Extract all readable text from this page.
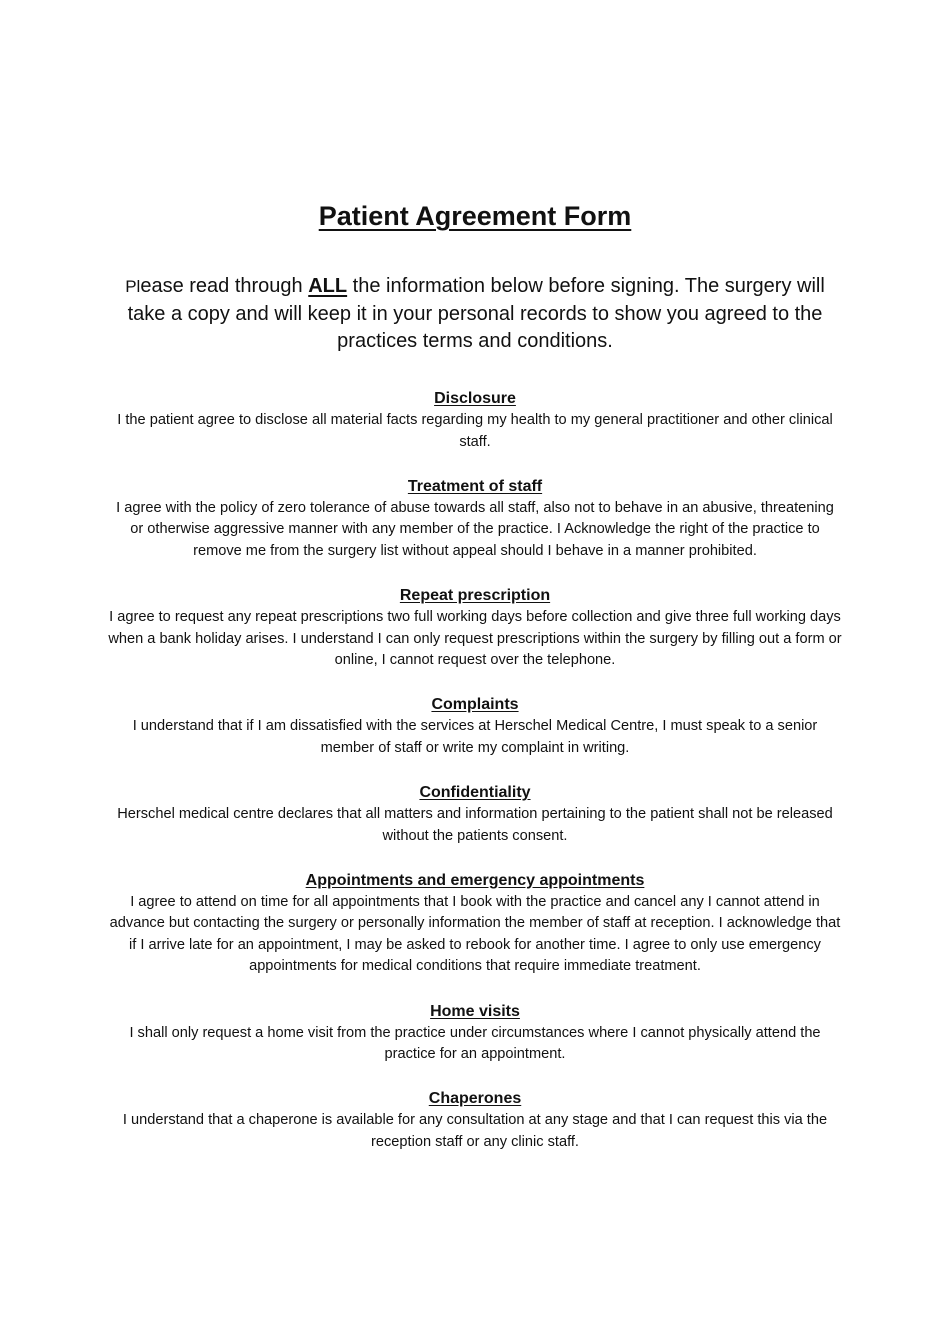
Patient Agreement Form
Please read through ALL the information below before signing. The surgery will take a copy and will keep it in your personal records to show you agreed to the practices terms and conditions.
Disclosure
I the patient agree to disclose all material facts regarding my health to my general practitioner and other clinical staff.
Treatment of staff
I agree with the policy of zero tolerance of abuse towards all staff, also not to behave in an abusive, threatening or otherwise aggressive manner with any member of the practice. I Acknowledge the right of the practice to remove me from the surgery list without appeal should I behave in a manner prohibited.
Repeat prescription
I agree to request any repeat prescriptions two full working days before collection and give three full working days when a bank holiday arises. I understand I can only request prescriptions within the surgery by filling out a form or online, I cannot request over the telephone.
Complaints
I understand that if I am dissatisfied with the services at Herschel Medical Centre, I must speak to a senior member of staff or write my complaint in writing.
Confidentiality
Herschel medical centre declares that all matters and information pertaining to the patient shall not be released without the patients consent.
Appointments and emergency appointments
I agree to attend on time for all appointments that I book with the practice and cancel any I cannot attend in advance but contacting the surgery or personally information the member of staff at reception. I acknowledge that if I arrive late for an appointment, I may be asked to rebook for another time. I agree to only use emergency appointments for medical conditions that require immediate treatment.
Home visits
I shall only request a home visit from the practice under circumstances where I cannot physically attend the practice for an appointment.
Chaperones
I understand that a chaperone is available for any consultation at any stage and that I can request this via the reception staff or any clinic staff.
